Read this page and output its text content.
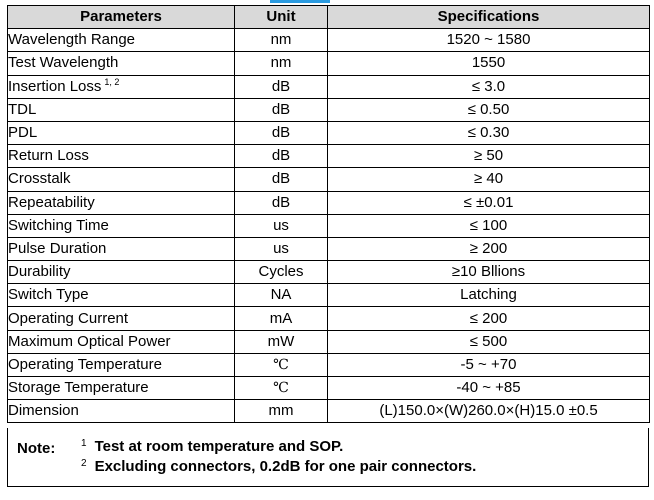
Parameters	Unit	Specifications
Wavelength Range	nm	1520 ~ 1580
Test Wavelength	nm	1550
Insertion Loss $^{1, 2}$	dB	≤ 3.0
TDL	dB	≤ 0.50
PDL	dB	≤ 0.30
Return Loss	dB	≥ 50
Crosstalk	dB	≥ 40
Repeatability	dB	≤ ±0.01
Switching Time	us	≤ 100
Pulse Duration	us	≥ 200
Durability	Cycles	≥10 Bllions
Switch Type	NA	Latching
Operating Current	mA	≤ 200
Maximum Optical Power	mW	≤ 500
Operating Temperature	℃	-5 ~ +70
Storage Temperature	℃	-40 ~ +85
Dimension	mm	(L)150.0×(W)260.0×(H)15.0 ±0.5
Note:	$^1$ Test at room temperature and SOP.
$^2$ Excluding connectors, 0.2dB for one pair connectors.
